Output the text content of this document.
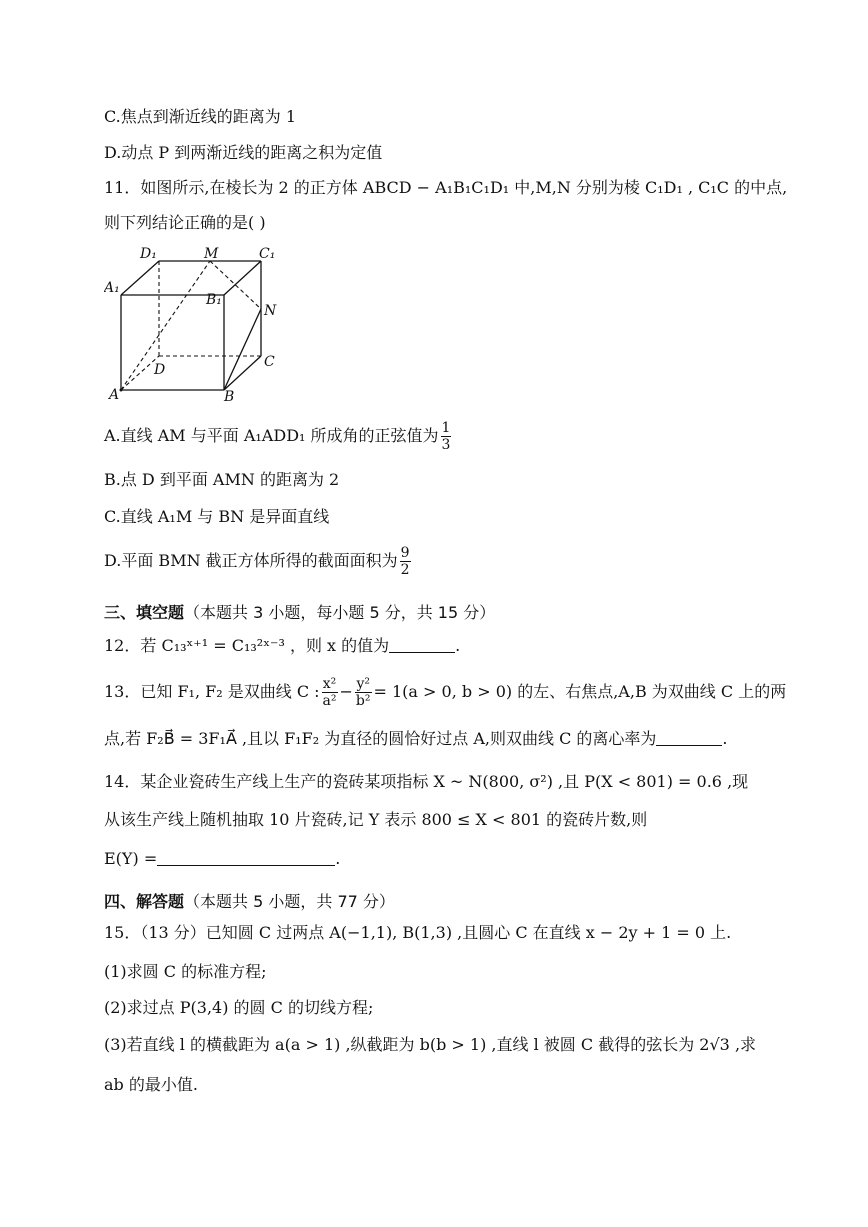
C.焦点到渐近线的距离为 1
D.动点 P 到两渐近线的距离之积为定值
11．如图所示,在棱长为 2 的正方体 ABCD − A₁B₁C₁D₁ 中,M,N 分别为棱 C₁D₁ , C₁C 的中点,
则下列结论正确的是( )
D₁	M	C₁
A₁
B₁
N
C
D
A	B
A.直线 AM 与平面 A₁ADD₁ 所成角的正弦值为 $\frac{1}{3}$
B.点 D 到平面 AMN 的距离为 2
C.直线 A₁M 与 BN 是异面直线
D.平面 BMN 截正方体所得的截面面积为 $\frac{9}{2}$
三、填空题（本题共 3 小题，每小题 5 分，共 15 分）
12．若 C₁₃ˣ⁺¹ = C₁₃²ˣ⁻³ ，则 x 的值为	.
13．已知 F₁, F₂ 是双曲线 C : $\frac{\text{x²}}{\text{a²}} - \frac{\text{y²}}{\text{b²}} = 1(a > 0$, b > 0) 的左、右焦点,A,B 为双曲线 C 上的两
点,若 F₂B⃗ = 3F₁A⃗ ,且以 F₁F₂ 为直径的圆恰好过点 A,则双曲线 C 的离心率为	.
14．某企业瓷砖生产线上生产的瓷砖某项指标 X ~ N(800, σ²) ,且 P(X < 801) = 0.6 ,现
从该生产线上随机抽取 10 片瓷砖,记 Y 表示 800 ≤ X < 801 的瓷砖片数,则
E(Y) =	.
四、解答题（本题共 5 小题，共 77 分）
15．（13 分）已知圆 C 过两点 A(−1,1), B(1,3) ,且圆心 C 在直线 x − 2y + 1 = 0 上.
(1)求圆 C 的标准方程;
(2)求过点 P(3,4) 的圆 C 的切线方程;
(3)若直线 l 的横截距为 a(a > 1) ,纵截距为 b(b > 1) ,直线 l 被圆 C 截得的弦长为 2√3 ,求
ab 的最小值.
